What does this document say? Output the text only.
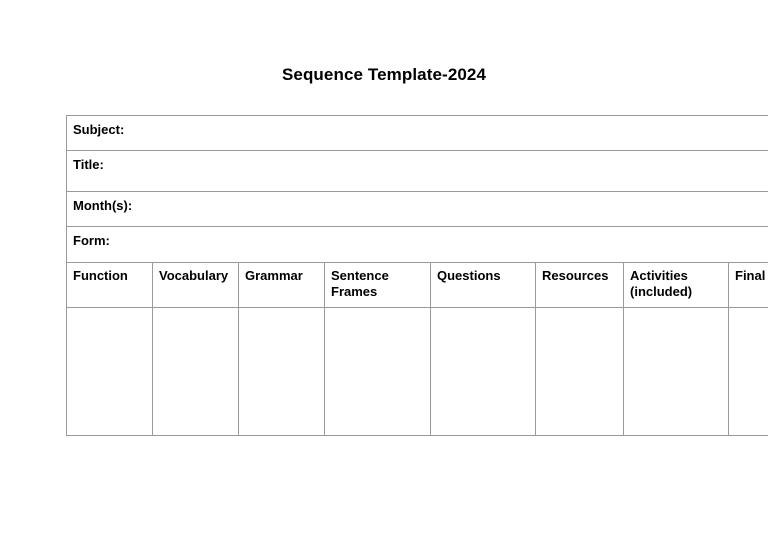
Sequence Template-2024
Subject:							
Title:							
Month(s):							
Form:							
Function	Vocabulary	Grammar	Sentence Frames	Questions	Resources	Activities (included)	Final
